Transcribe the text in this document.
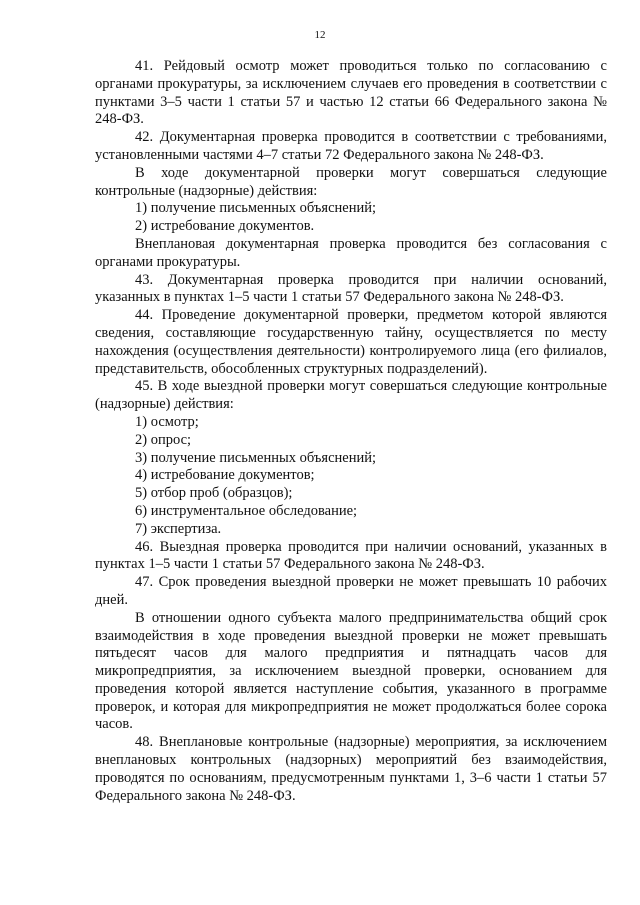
12

41. Рейдовый осмотр может проводиться только по согласованию с органами прокуратуры, за исключением случаев его проведения в соответствии с пунктами 3–5 части 1 статьи 57 и частью 12 статьи 66 Федерального закона № 248-ФЗ.

42. Документарная проверка проводится в соответствии с требованиями, установленными частями 4–7 статьи 72 Федерального закона № 248-ФЗ.

В ходе документарной проверки могут совершаться следующие контрольные (надзорные) действия:

1) получение письменных объяснений;

2) истребование документов.

Внеплановая документарная проверка проводится без согласования с органами прокуратуры.

43. Документарная проверка проводится при наличии оснований, указанных в пунктах 1–5 части 1 статьи 57 Федерального закона № 248-ФЗ.

44. Проведение документарной проверки, предметом которой являются сведения, составляющие государственную тайну, осуществляется по месту нахождения (осуществления деятельности) контролируемого лица (его филиалов, представительств, обособленных структурных подразделений).

45. В ходе выездной проверки могут совершаться следующие контрольные (надзорные) действия:

1) осмотр;

2) опрос;

3) получение письменных объяснений;

4) истребование документов;

5) отбор проб (образцов);

6) инструментальное обследование;

7) экспертиза.

46. Выездная проверка проводится при наличии оснований, указанных в пунктах 1–5 части 1 статьи 57 Федерального закона № 248-ФЗ.

47. Срок проведения выездной проверки не может превышать 10 рабочих дней.

В отношении одного субъекта малого предпринимательства общий срок взаимодействия в ходе проведения выездной проверки не может превышать пятьдесят часов для малого предприятия и пятнадцать часов для микропредприятия, за исключением выездной проверки, основанием для проведения которой является наступление события, указанного в программе проверок, и которая для микропредприятия не может продолжаться более сорока часов.

48. Внеплановые контрольные (надзорные) мероприятия, за исключением внеплановых контрольных (надзорных) мероприятий без взаимодействия, проводятся по основаниям, предусмотренным пунктами 1, 3–6 части 1 статьи 57 Федерального закона № 248-ФЗ.
